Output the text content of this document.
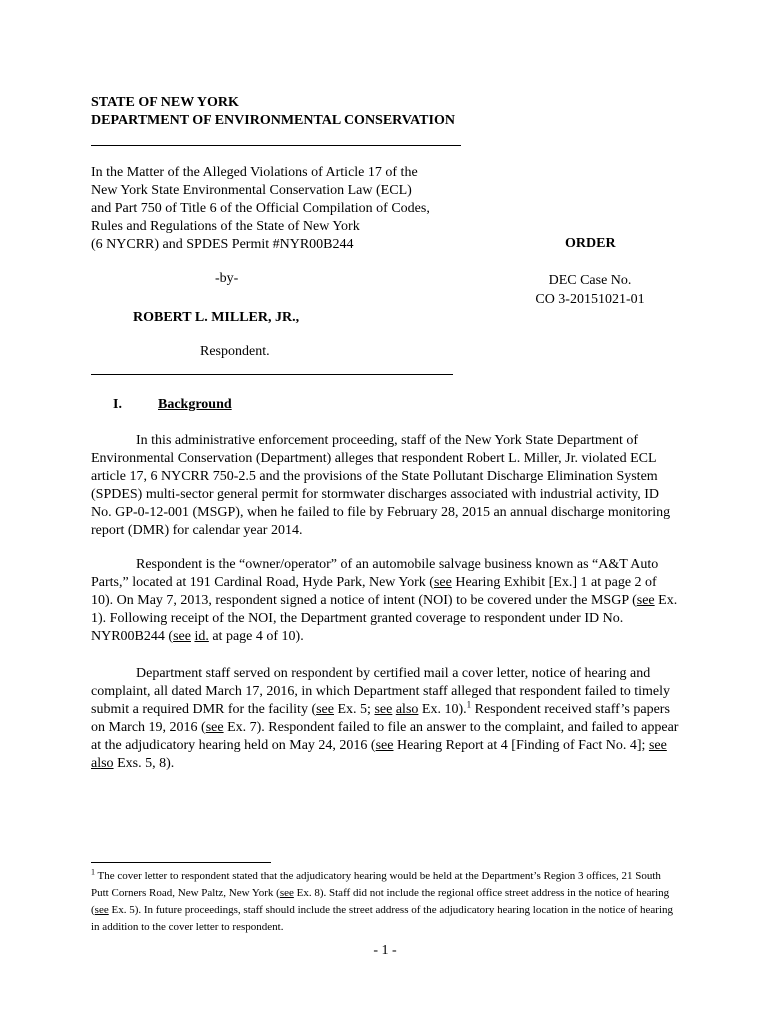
STATE OF NEW YORK
DEPARTMENT OF ENVIRONMENTAL CONSERVATION
In the Matter of the Alleged Violations of Article 17 of the
New York State Environmental Conservation Law (ECL)
and Part 750 of Title 6 of the Official Compilation of Codes,
Rules and Regulations of the State of New York
(6 NYCRR) and SPDES Permit #NYR00B244	ORDER
-by-	DEC Case No.
CO 3-20151021-01
ROBERT L. MILLER, JR.,
Respondent.
I.	Background
In this administrative enforcement proceeding, staff of the New York State Department of Environmental Conservation (Department) alleges that respondent Robert L. Miller, Jr. violated ECL article 17, 6 NYCRR 750-2.5 and the provisions of the State Pollutant Discharge Elimination System (SPDES) multi-sector general permit for stormwater discharges associated with industrial activity, ID No. GP-0-12-001 (MSGP), when he failed to file by February 28, 2015 an annual discharge monitoring report (DMR) for calendar year 2014.
Respondent is the “owner/operator” of an automobile salvage business known as “A&T Auto Parts,” located at 191 Cardinal Road, Hyde Park, New York (see Hearing Exhibit [Ex.] 1 at page 2 of 10). On May 7, 2013, respondent signed a notice of intent (NOI) to be covered under the MSGP (see Ex. 1). Following receipt of the NOI, the Department granted coverage to respondent under ID No. NYR00B244 (see id. at page 4 of 10).
Department staff served on respondent by certified mail a cover letter, notice of hearing and complaint, all dated March 17, 2016, in which Department staff alleged that respondent failed to timely submit a required DMR for the facility (see Ex. 5; see also Ex. 10).$^1$ Respondent received staff’s papers on March 19, 2016 (see Ex. 7). Respondent failed to file an answer to the complaint, and failed to appear at the adjudicatory hearing held on May 24, 2016 (see Hearing Report at 4 [Finding of Fact No. 4]; see also Exs. 5, 8).
$^1$ The cover letter to respondent stated that the adjudicatory hearing would be held at the Department’s Region 3 offices, 21 South Putt Corners Road, New Paltz, New York (see Ex. 8). Staff did not include the regional office street address in the notice of hearing (see Ex. 5). In future proceedings, staff should include the street address of the adjudicatory hearing location in the notice of hearing in addition to the cover letter to respondent.
- 1 -
